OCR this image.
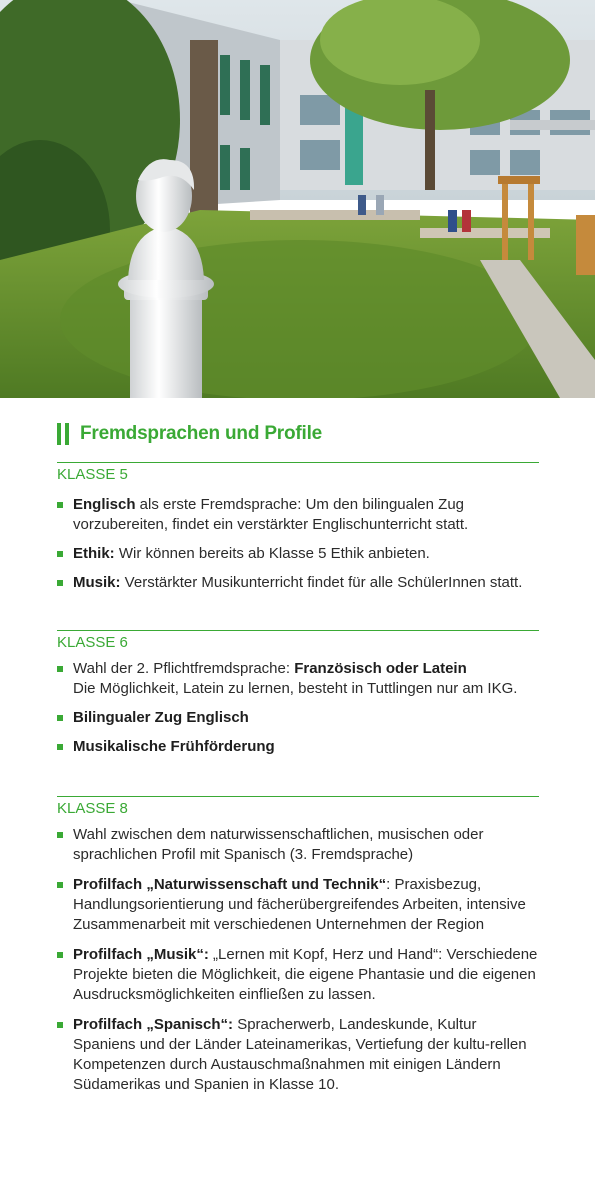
Fremdsprachen und Profile
KLASSE 5
Englisch als erste Fremdsprache: Um den bilingualen Zug vorzubereiten, findet ein verstärkter Englischunterricht statt.
Ethik: Wir können bereits ab Klasse 5 Ethik anbieten.
Musik: Verstärkter Musikunterricht findet für alle SchülerInnen statt.
KLASSE 6
Wahl der 2. Pflichtfremdsprache: Französisch oder Latein
Die Möglichkeit, Latein zu lernen, besteht in Tuttlingen nur am IKG.
Bilingualer Zug Englisch
Musikalische Frühförderung
KLASSE 8
Wahl zwischen dem naturwissenschaftlichen, musischen oder sprachlichen Profil mit Spanisch (3. Fremdsprache)
Profilfach „Naturwissenschaft und Technik“: Praxisbezug, Handlungsorientierung und fächerübergreifendes Arbeiten, intensive Zusammenarbeit mit verschiedenen Unternehmen der Region
Profilfach „Musik“: „Lernen mit Kopf, Herz und Hand“: Verschiedene Projekte bieten die Möglichkeit, die eigene Phantasie und die eigenen Ausdrucksmöglichkeiten einfließen zu lassen.
Profilfach „Spanisch“: Spracherwerb, Landeskunde, Kultur Spaniens und der Länder Lateinamerikas, Vertiefung der kultu-rellen Kompetenzen durch Austauschmaßnahmen mit einigen Ländern Südamerikas und Spanien in Klasse 10.
